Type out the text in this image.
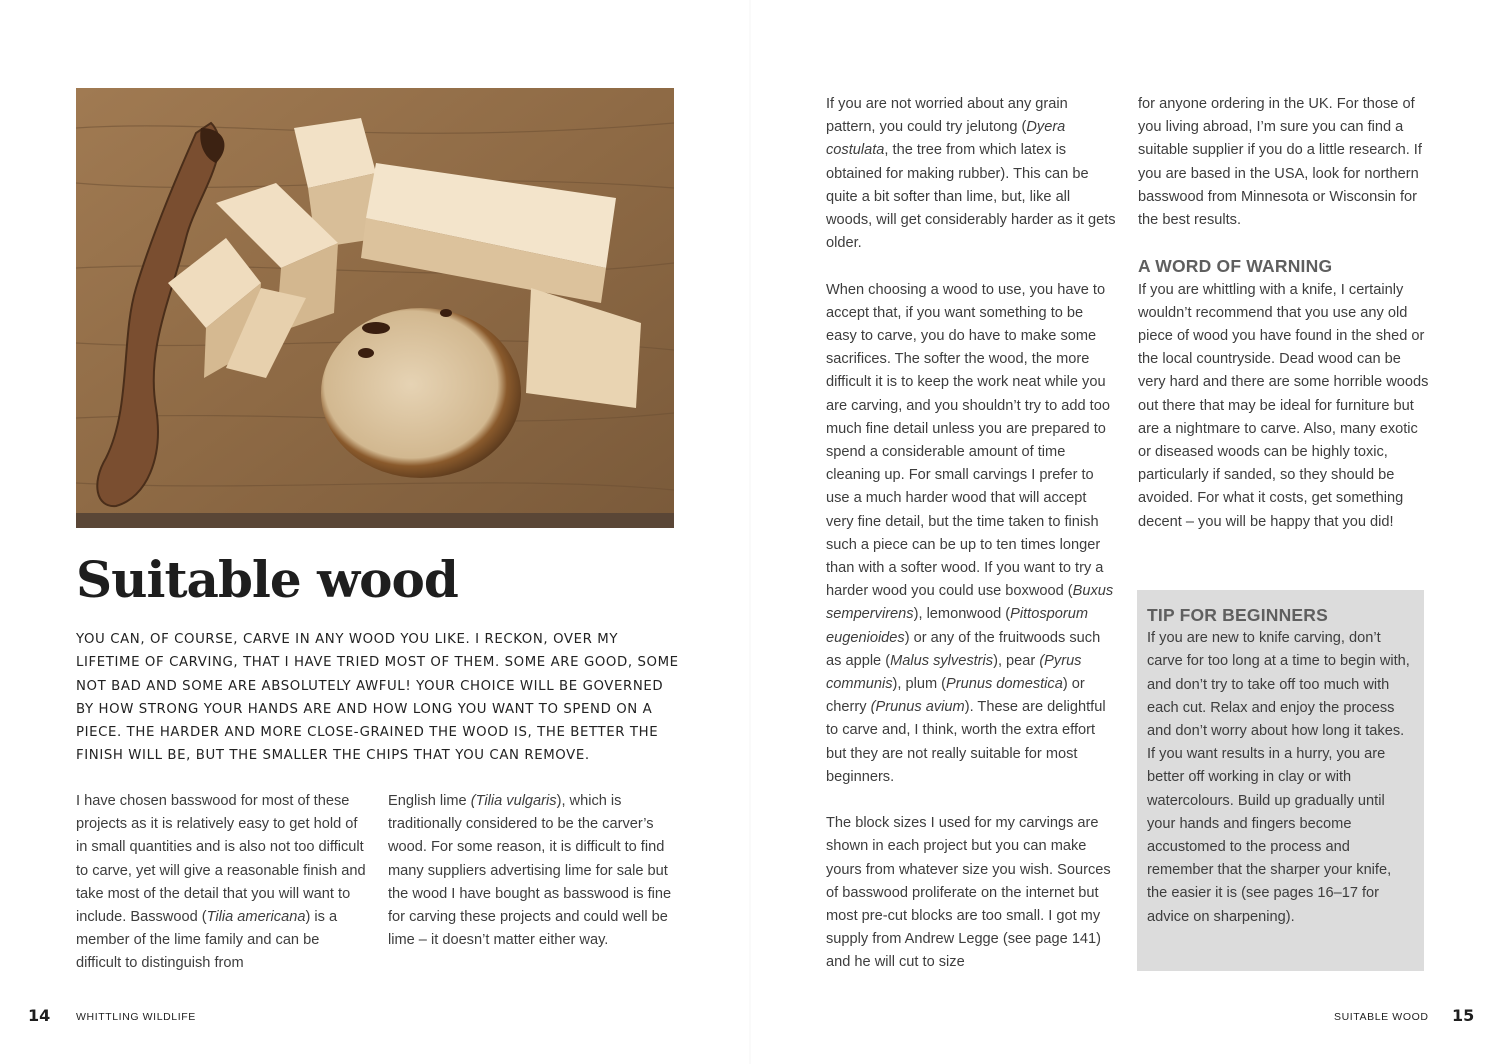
Suitable wood

YOU CAN, OF COURSE, CARVE IN ANY WOOD YOU LIKE. I RECKON, OVER MY LIFETIME OF CARVING, THAT I HAVE TRIED MOST OF THEM. SOME ARE GOOD, SOME NOT BAD AND SOME ARE ABSOLUTELY AWFUL! YOUR CHOICE WILL BE GOVERNED BY HOW STRONG YOUR HANDS ARE AND HOW LONG YOU WANT TO SPEND ON A PIECE. THE HARDER AND MORE CLOSE-GRAINED THE WOOD IS, THE BETTER THE FINISH WILL BE, BUT THE SMALLER THE CHIPS THAT YOU CAN REMOVE.

I have chosen basswood for most of these projects as it is relatively easy to get hold of in small quantities and is also not too difficult to carve, yet will give a reasonable finish and take most of the detail that you will want to include. Basswood (Tilia americana) is a member of the lime family and can be difficult to distinguish from

English lime (Tilia vulgaris), which is traditionally considered to be the carver’s wood. For some reason, it is difficult to find many suppliers advertising lime for sale but the wood I have bought as basswood is fine for carving these projects and could well be lime – it doesn’t matter either way.

14 WHITTLING WILDLIFE

If you are not worried about any grain pattern, you could try jelutong (Dyera costulata, the tree from which latex is obtained for making rubber). This can be quite a bit softer than lime, but, like all woods, will get considerably harder as it gets older.

When choosing a wood to use, you have to accept that, if you want something to be easy to carve, you do have to make some sacrifices. The softer the wood, the more difficult it is to keep the work neat while you are carving, and you shouldn’t try to add too much fine detail unless you are prepared to spend a considerable amount of time cleaning up. For small carvings I prefer to use a much harder wood that will accept very fine detail, but the time taken to finish such a piece can be up to ten times longer than with a softer wood. If you want to try a harder wood you could use boxwood (Buxus sempervirens), lemonwood (Pittosporum eugenioides) or any of the fruitwoods such as apple (Malus sylvestris), pear (Pyrus communis), plum (Prunus domestica) or cherry (Prunus avium). These are delightful to carve and, I think, worth the extra effort but they are not really suitable for most beginners.

The block sizes I used for my carvings are shown in each project but you can make yours from whatever size you wish. Sources of basswood proliferate on the internet but most pre-cut blocks are too small. I got my supply from Andrew Legge (see page 141) and he will cut to size

for anyone ordering in the UK. For those of you living abroad, I’m sure you can find a suitable supplier if you do a little research. If you are based in the USA, look for northern basswood from Minnesota or Wisconsin for the best results.

A WORD OF WARNING

If you are whittling with a knife, I certainly wouldn’t recommend that you use any old piece of wood you have found in the shed or the local countryside. Dead wood can be very hard and there are some horrible woods out there that may be ideal for furniture but are a nightmare to carve. Also, many exotic or diseased woods can be highly toxic, particularly if sanded, so they should be avoided. For what it costs, get something decent – you will be happy that you did!

TIP FOR BEGINNERS

If you are new to knife carving, don’t carve for too long at a time to begin with, and don’t try to take off too much with each cut. Relax and enjoy the process and don’t worry about how long it takes. If you want results in a hurry, you are better off working in clay or with watercolours. Build up gradually until your hands and fingers become accustomed to the process and remember that the sharper your knife, the easier it is (see pages 16–17 for advice on sharpening).

SUITABLE WOOD 15
